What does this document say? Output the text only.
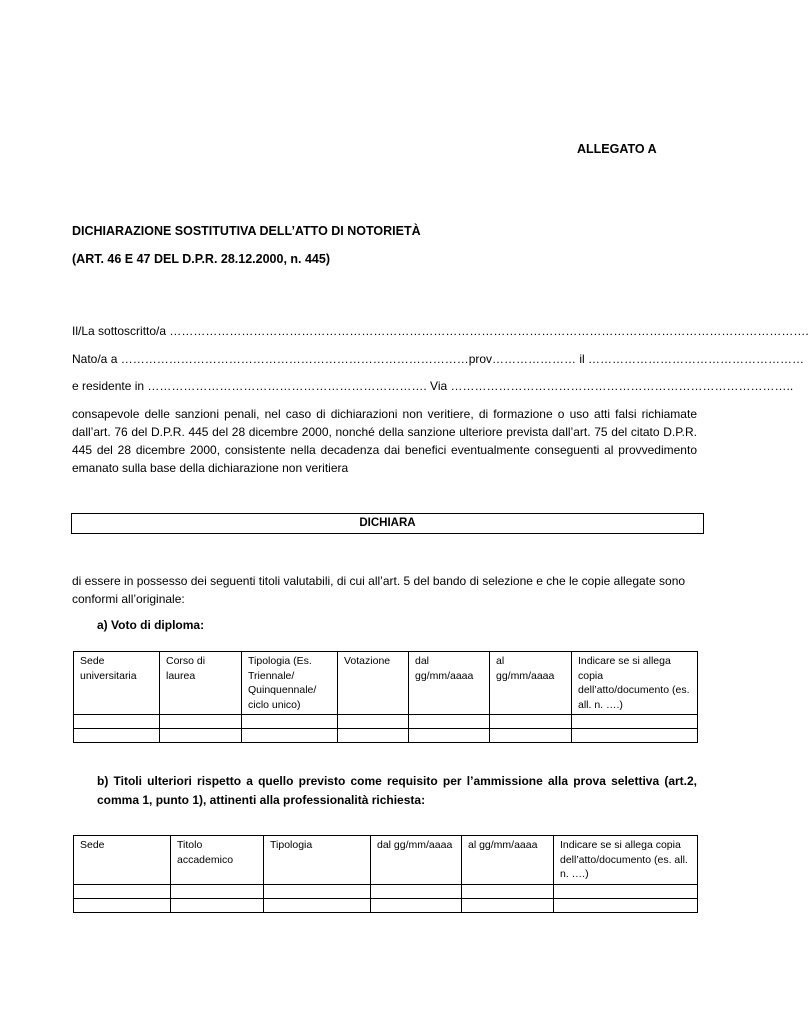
ALLEGATO A
DICHIARAZIONE SOSTITUTIVA DELL’ATTO DI NOTORIETÀ
(ART. 46 E 47 DEL D.P.R. 28.12.2000, n. 445)
Il/La sottoscritto/a …………………………………………………………………………………………………………………………………………….
Nato/a a ……………………………………………………………………………prov………………… il ………………………………………………
e residente in ……………………………………………………………. Via …………………………………………………………………………..
consapevole delle sanzioni penali, nel caso di dichiarazioni non veritiere, di formazione o uso atti falsi richiamate dall’art. 76 del D.P.R. 445 del 28 dicembre 2000, nonché della sanzione ulteriore prevista dall’art. 75 del citato D.P.R. 445 del 28 dicembre 2000, consistente nella decadenza dai benefici eventualmente conseguenti al provvedimento emanato sulla base della dichiarazione non veritiera
DICHIARA
di essere in possesso dei seguenti titoli valutabili, di cui all’art. 5 del bando di selezione e che le copie allegate sono conformi all’originale:
a) Voto di diploma:
Sede universitaria	Corso di laurea	Tipologia (Es. Triennale/ Quinquennale/ ciclo unico)	Votazione	dal gg/mm/aaaa	al gg/mm/aaaa	Indicare se si allega copia dell’atto/documento (es. all. n. ….)

b) Titoli ulteriori rispetto a quello previsto come requisito per l’ammissione alla prova selettiva (art.2, comma 1, punto 1), attinenti alla professionalità richiesta:
Sede	Titolo accademico	Tipologia	dal gg/mm/aaaa	al gg/mm/aaaa	Indicare se si allega copia dell’atto/documento (es. all. n. ….)
